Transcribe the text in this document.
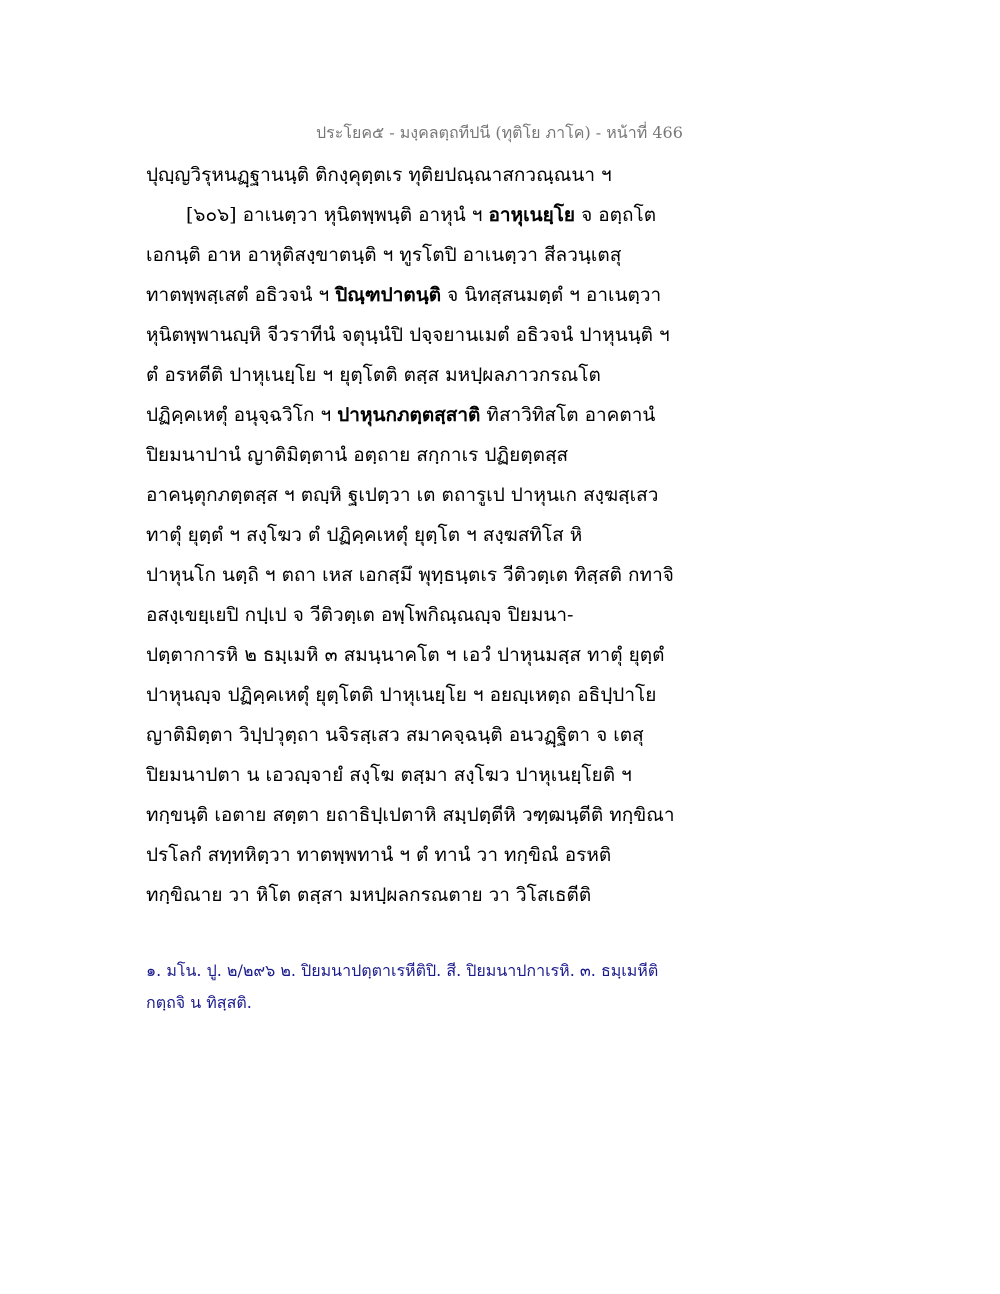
ประโยค๕ - มงฺคลตฺถทีปนี (ทุติโย ภาโค) - หน้าที่ 466
ปุญฺญวิรุหนฏฺฐานนฺติ ติกงฺคุตฺตเร ทุติยปณฺณาสกวณฺณนา ฯ
[๖๐๖] อาเนตฺวา หุนิตพฺพนฺติ อาหุนํ ฯ อาหุเนยฺโย จ อตฺถโต
เอกนฺติ อาห อาหุติสงฺขาตนฺติ ฯ ทูรโตปิ อาเนตฺวา สีลวนฺเตสุ
ทาตพฺพสฺเสตํ อธิวจนํ ฯ ปิณฺฑปาตนฺติ จ นิทสฺสนมตฺตํ ฯ อาเนตฺวา
หุนิตพฺพานญฺหิ จีวราทีนํ จตุนฺนํปิ ปจฺจยานเมตํ อธิวจนํ ปาหุนนฺติ ฯ
ตํ อรหตีติ ปาหุเนยฺโย ฯ ยุตฺโตติ ตสฺส มหปฺผลภาวกรณโต
ปฏิคฺคเหตุํ อนุจฺฉวิโก ฯ ปาหุนกภตฺตสฺสาติ ทิสาวิทิสโต อาคตานํ
ปิยมนาปานํ ญาติมิตฺตานํ อตฺถาย สกฺกาเร ปฏิยตฺตสฺส
อาคนฺตุกภตฺตสฺส ฯ ตญฺหิ ฐเปตฺวา เต ตถารูเป ปาหุนเก สงฺฆสฺเสว
ทาตุํ ยุตฺตํ ฯ สงฺโฆว ตํ ปฏิคฺคเหตุํ ยุตฺโต ฯ สงฺฆสทิโส หิ
ปาหุนโก นตฺถิ ฯ ตถา เหส เอกสฺมึ พุทฺธนฺตเร วีติวตฺเต ทิสฺสติ กทาจิ
อสงฺเขยฺเยปิ กปฺเป จ วีติวตฺเต อพฺโพกิณฺณญฺจ ปิยมนา-
ปตฺตาการหิ ๒ ธมฺเมหิ ๓ สมนฺนาคโต ฯ เอวํ ปาหุนมสฺส ทาตุํ ยุตฺตํ
ปาหุนญฺจ ปฏิคฺคเหตุํ ยุตฺโตติ ปาหุเนยฺโย ฯ อยญฺเหตฺถ อธิปฺปาโย
ญาติมิตฺตา วิปฺปวุตฺถา นจิรสฺเสว สมาคจฺฉนฺติ อนวฏฺฐิตา จ เตสุ
ปิยมนาปตา น เอวญฺจายํ สงฺโฆ ตสฺมา สงฺโฆว ปาหุเนยฺโยติ ฯ
ทกฺขนฺติ เอตาย สตฺตา ยถาธิปฺเปตาหิ สมฺปตฺตีหิ วฑฺฒนฺตีติ ทกฺขิณา
ปรโลกํ สทฺทหิตฺวา ทาตพฺพทานํ ฯ ตํ ทานํ วา ทกฺขิณํ อรหติ
ทกฺขิณาย วา หิโต ตสฺสา มหปฺผลกรณตาย วา วิโสเธตีติ
๑. มโน. ปู. ๒/๒๙๖ ๒. ปิยมนาปตฺตาเรหีติปิ. สี. ปิยมนาปกาเรหิ. ๓. ธมฺเมหีติ
กตฺถจิ น ทิสฺสติ.
